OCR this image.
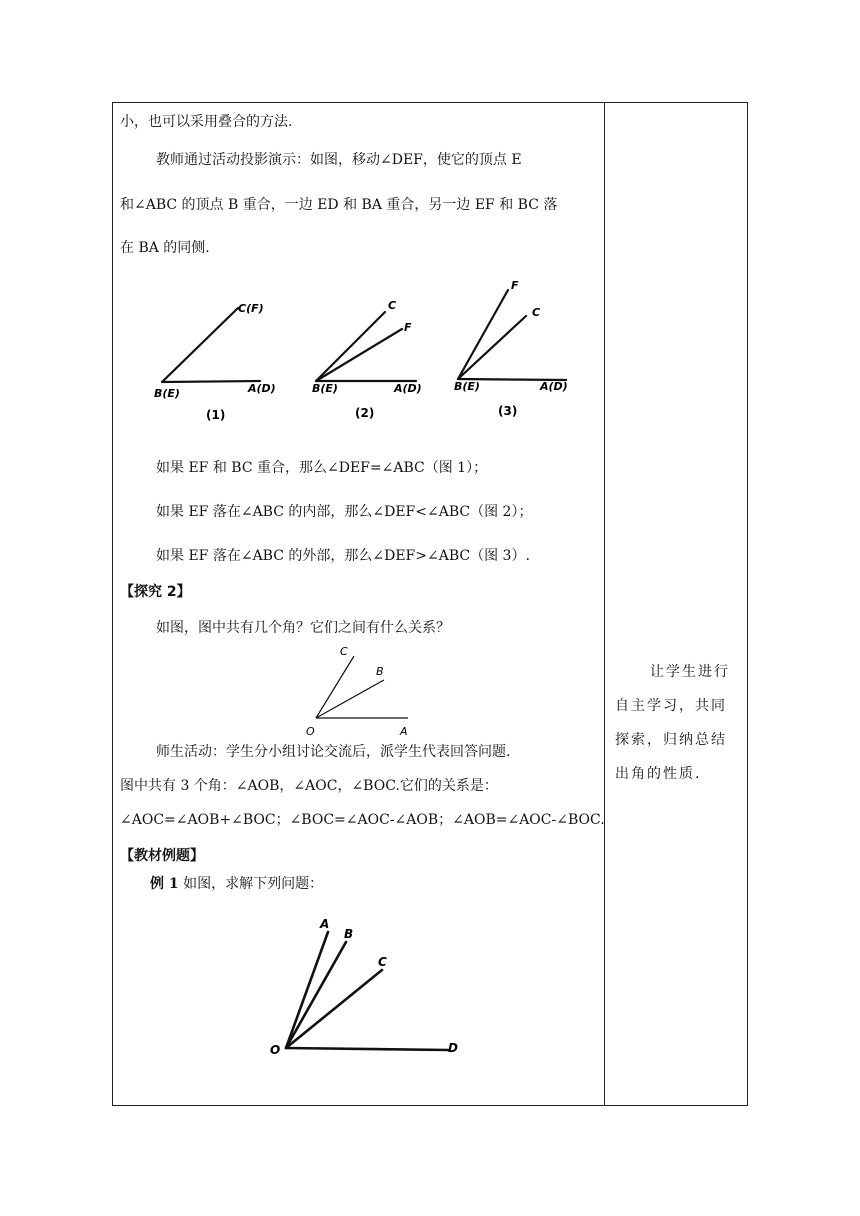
小，也可以采用叠合的方法.
教师通过活动投影演示：如图，移动∠DEF，使它的顶点 E
和∠ABC 的顶点 B 重合，一边 ED 和 BA 重合，另一边 EF 和 BC 落
在 BA 的同侧.
C(F)
B(E)	A(D)
(1)
C
F
B(E)	A(D)
(2)
F
C
B(E)	A(D)
(3)
如果 EF 和 BC 重合，那么∠DEF=∠ABC（图 1）；
如果 EF 落在∠ABC 的内部，那么∠DEF<∠ABC（图 2）；
如果 EF 落在∠ABC 的外部，那么∠DEF>∠ABC（图 3）.
【探究 2】
如图，图中共有几个角？它们之间有什么关系？
C
B
O	A
师生活动：学生分小组讨论交流后，派学生代表回答问题.
图中共有 3 个角：∠AOB，∠AOC，∠BOC.它们的关系是：
∠AOC=∠AOB+∠BOC；∠BOC=∠AOC-∠AOB；∠AOB=∠AOC-∠BOC.
【教材例题】
例 1 如图，求解下列问题：
A
B
C
O	D
让学生进行
自主学习，共同
探索，归纳总结
出角的性质.
